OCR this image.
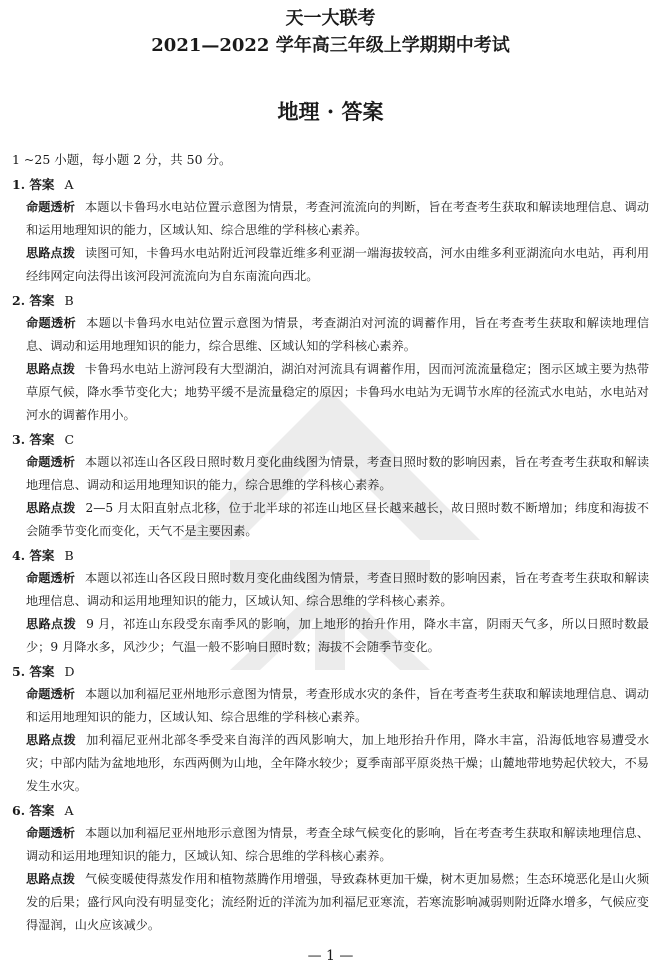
天一大联考
2021—2022 学年高三年级上学期期中考试
地理 · 答案
1 ~25 小题，每小题 2 分，共 50 分。
1. 答案 A
命题透析 本题以卡鲁玛水电站位置示意图为情景，考查河流流向的判断，旨在考查考生获取和解读地理信息、调动和运用地理知识的能力，区域认知、综合思维的学科核心素养。
思路点拨 读图可知，卡鲁玛水电站附近河段靠近维多利亚湖一端海拔较高，河水由维多利亚湖流向水电站，再利用经纬网定向法得出该河段河流流向为自东南流向西北。
2. 答案 B
命题透析 本题以卡鲁玛水电站位置示意图为情景，考查湖泊对河流的调蓄作用，旨在考查考生获取和解读地理信息、调动和运用地理知识的能力，综合思维、区域认知的学科核心素养。
思路点拨 卡鲁玛水电站上游河段有大型湖泊，湖泊对河流具有调蓄作用，因而河流流量稳定；图示区域主要为热带草原气候，降水季节变化大；地势平缓不是流量稳定的原因；卡鲁玛水电站为无调节水库的径流式水电站，水电站对河水的调蓄作用小。
3. 答案 C
命题透析 本题以祁连山各区段日照时数月变化曲线图为情景，考查日照时数的影响因素，旨在考查考生获取和解读地理信息、调动和运用地理知识的能力，综合思维的学科核心素养。
思路点拨 2—5 月太阳直射点北移，位于北半球的祁连山地区昼长越来越长，故日照时数不断增加；纬度和海拔不会随季节变化而变化，天气不是主要因素。
4. 答案 B
命题透析 本题以祁连山各区段日照时数月变化曲线图为情景，考查日照时数的影响因素，旨在考查考生获取和解读地理信息、调动和运用地理知识的能力，区域认知、综合思维的学科核心素养。
思路点拨 9 月，祁连山东段受东南季风的影响，加上地形的抬升作用，降水丰富，阴雨天气多，所以日照时数最少；9 月降水多，风沙少；气温一般不影响日照时数；海拔不会随季节变化。
5. 答案 D
命题透析 本题以加利福尼亚州地形示意图为情景，考查形成水灾的条件，旨在考查考生获取和解读地理信息、调动和运用地理知识的能力，区域认知、综合思维的学科核心素养。
思路点拨 加利福尼亚州北部冬季受来自海洋的西风影响大，加上地形抬升作用，降水丰富，沿海低地容易遭受水灾；中部内陆为盆地地形，东西两侧为山地，全年降水较少；夏季南部平原炎热干燥；山麓地带地势起伏较大，不易发生水灾。
6. 答案 A
命题透析 本题以加利福尼亚州地形示意图为情景，考查全球气候变化的影响，旨在考查考生获取和解读地理信息、调动和运用地理知识的能力，区域认知、综合思维的学科核心素养。
思路点拨 气候变暖使得蒸发作用和植物蒸腾作用增强，导致森林更加干燥，树木更加易燃；生态环境恶化是山火频发的后果；盛行风向没有明显变化；流经附近的洋流为加利福尼亚寒流，若寒流影响减弱则附近降水增多，气候应变得湿润，山火应该减少。
— 1 —
